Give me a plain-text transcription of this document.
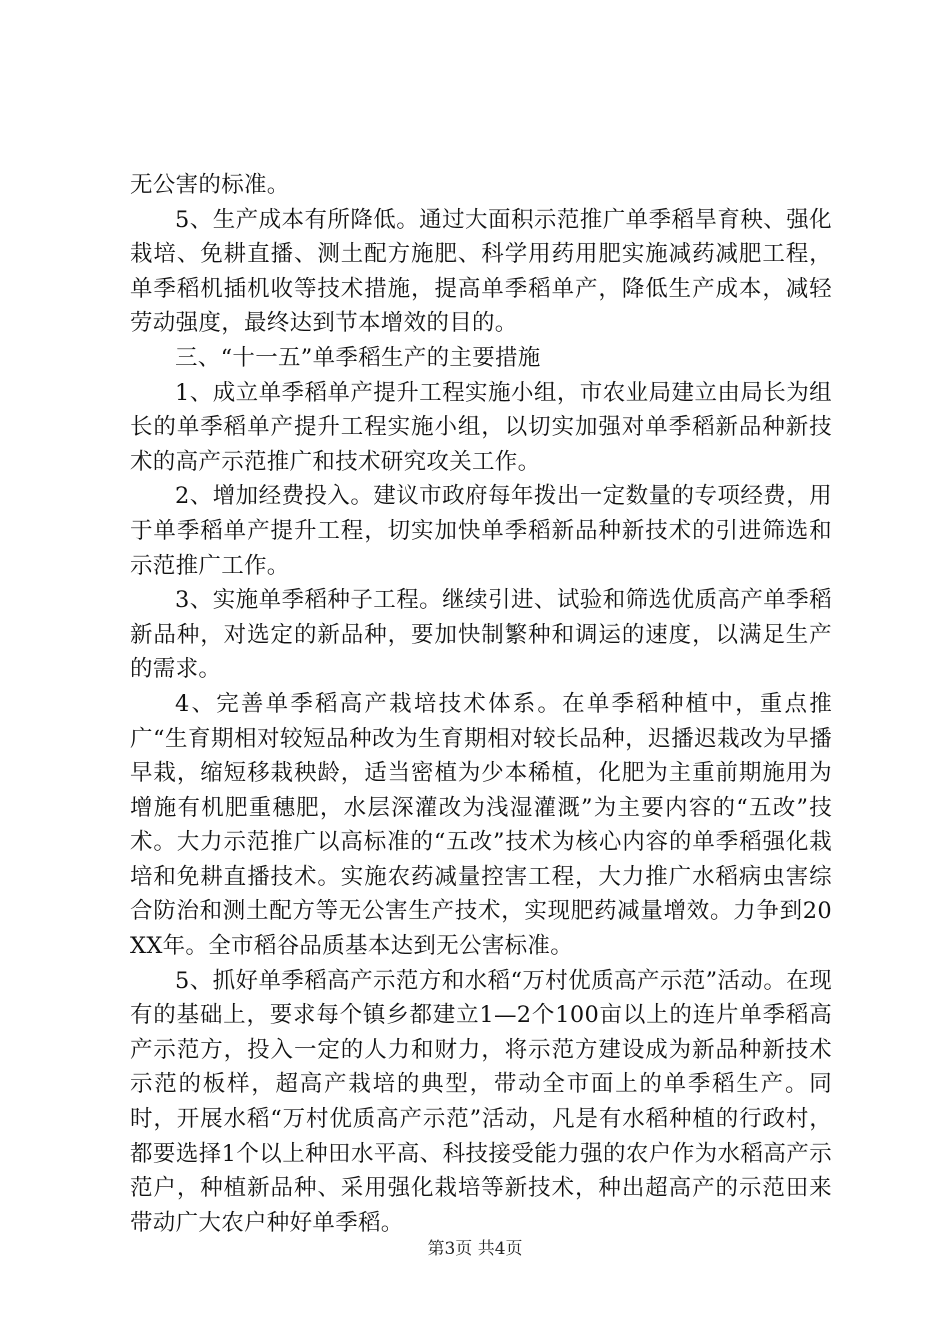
无公害的标准。

5、生产成本有所降低。通过大面积示范推广单季稻旱育秧、强化栽培、免耕直播、测土配方施肥、科学用药用肥实施减药减肥工程，单季稻机插机收等技术措施，提高单季稻单产，降低生产成本，减轻劳动强度，最终达到节本增效的目的。

三、“十一五”单季稻生产的主要措施

1、成立单季稻单产提升工程实施小组，市农业局建立由局长为组长的单季稻单产提升工程实施小组，以切实加强对单季稻新品种新技术的高产示范推广和技术研究攻关工作。

2、增加经费投入。建议市政府每年拨出一定数量的专项经费，用于单季稻单产提升工程，切实加快单季稻新品种新技术的引进筛选和示范推广工作。

3、实施单季稻种子工程。继续引进、试验和筛选优质高产单季稻新品种，对选定的新品种，要加快制繁种和调运的速度，以满足生产的需求。

4、完善单季稻高产栽培技术体系。在单季稻种植中，重点推广“生育期相对较短品种改为生育期相对较长品种，迟播迟栽改为早播早栽，缩短移栽秧龄，适当密植为少本稀植，化肥为主重前期施用为增施有机肥重穗肥，水层深灌改为浅湿灌溉”为主要内容的“五改”技术。大力示范推广以高标准的“五改”技术为核心内容的单季稻强化栽培和免耕直播技术。实施农药减量控害工程，大力推广水稻病虫害综合防治和测土配方等无公害生产技术，实现肥药减量增效。力争到20XX年。全市稻谷品质基本达到无公害标准。

5、抓好单季稻高产示范方和水稻“万村优质高产示范”活动。在现有的基础上，要求每个镇乡都建立1—2个100亩以上的连片单季稻高产示范方，投入一定的人力和财力，将示范方建设成为新品种新技术示范的板样，超高产栽培的典型，带动全市面上的单季稻生产。同时，开展水稻“万村优质高产示范”活动，凡是有水稻种植的行政村，都要选择1个以上种田水平高、科技接受能力强的农户作为水稻高产示范户，种植新品种、采用强化栽培等新技术，种出超高产的示范田来带动广大农户种好单季稻。

第3页 共4页
